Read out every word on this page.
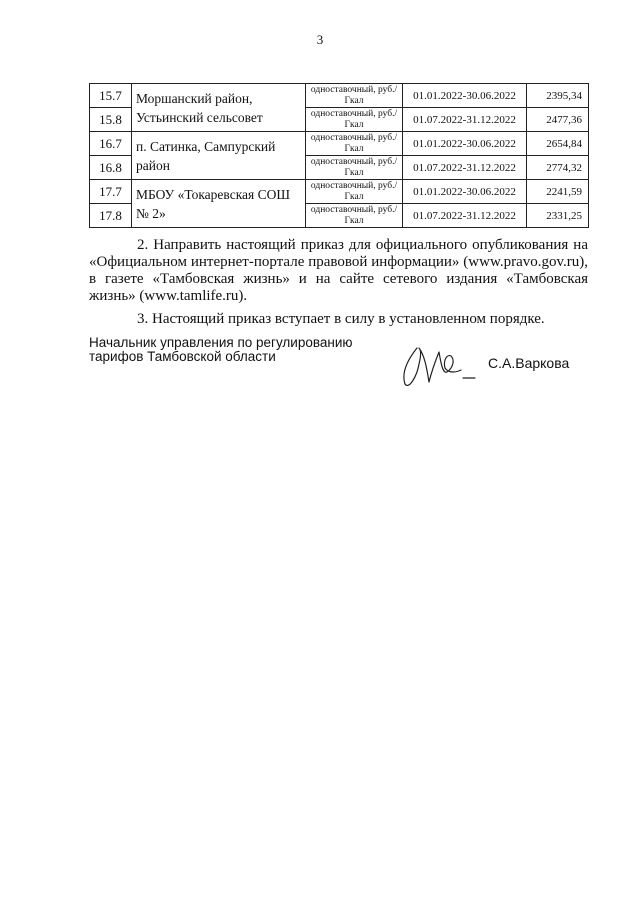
3
15.7	Моршанский район, Устьинский сельсовет	одноставочный, руб./Гкал	01.01.2022-30.06.2022	2395,34
15.8		одноставочный, руб./Гкал	01.07.2022-31.12.2022	2477,36
16.7	п. Сатинка, Сампурский район	одноставочный, руб./Гкал	01.01.2022-30.06.2022	2654,84
16.8		одноставочный, руб./Гкал	01.07.2022-31.12.2022	2774,32
17.7	МБОУ «Токаревская СОШ № 2»	одноставочный, руб./Гкал	01.01.2022-30.06.2022	2241,59
17.8		одноставочный, руб./Гкал	01.07.2022-31.12.2022	2331,25
2. Направить настоящий приказ для официального опубликования на
«Официальном интернет-портале правовой информации» (www.pravo.gov.ru),
в газете «Тамбовская жизнь» и на сайте сетевого издания «Тамбовская
жизнь» (www.tamlife.ru).
3. Настоящий приказ вступает в силу в установленном порядке.
Начальник управления по регулированию
тарифов Тамбовской области	С.А.Варкова
